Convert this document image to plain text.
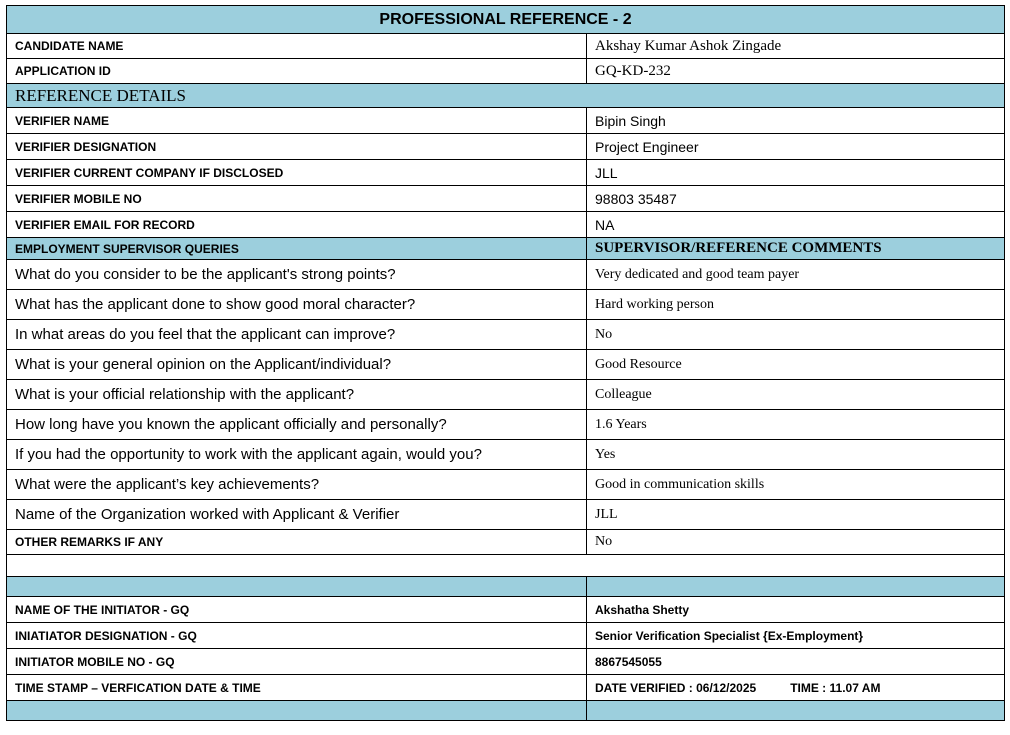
PROFESSIONAL REFERENCE - 2	
CANDIDATE NAME	Akshay Kumar Ashok Zingade
APPLICATION ID	GQ-KD-232
REFERENCE DETAILS	
VERIFIER NAME	Bipin Singh
VERIFIER DESIGNATION	Project Engineer
VERIFIER CURRENT COMPANY IF DISCLOSED	JLL
VERIFIER MOBILE NO	98803 35487
VERIFIER EMAIL FOR RECORD	NA
EMPLOYMENT SUPERVISOR QUERIES	SUPERVISOR/REFERENCE COMMENTS
What do you consider to be the applicant's strong points?	Very dedicated and good team payer
What has the applicant done to show good moral character?	Hard working person
In what areas do you feel that the applicant can improve?	No
What is your general opinion on the Applicant/individual?	Good Resource
What is your official relationship with the applicant?	Colleague
How long have you known the applicant officially and personally?	1.6 Years
If you had the opportunity to work with the applicant again, would you?	Yes
What were the applicant’s key achievements?	Good in communication skills
Name of the Organization worked with Applicant & Verifier	JLL
OTHER REMARKS IF ANY	No

NAME OF THE INITIATOR - GQ	Akshatha Shetty
INIATIATOR DESIGNATION - GQ	Senior Verification Specialist {Ex-Employment}
INITIATOR MOBILE NO - GQ	8867545055
TIME STAMP – VERFICATION DATE & TIME	DATE VERIFIED : 06/12/2025 TIME : 11.07 AM
